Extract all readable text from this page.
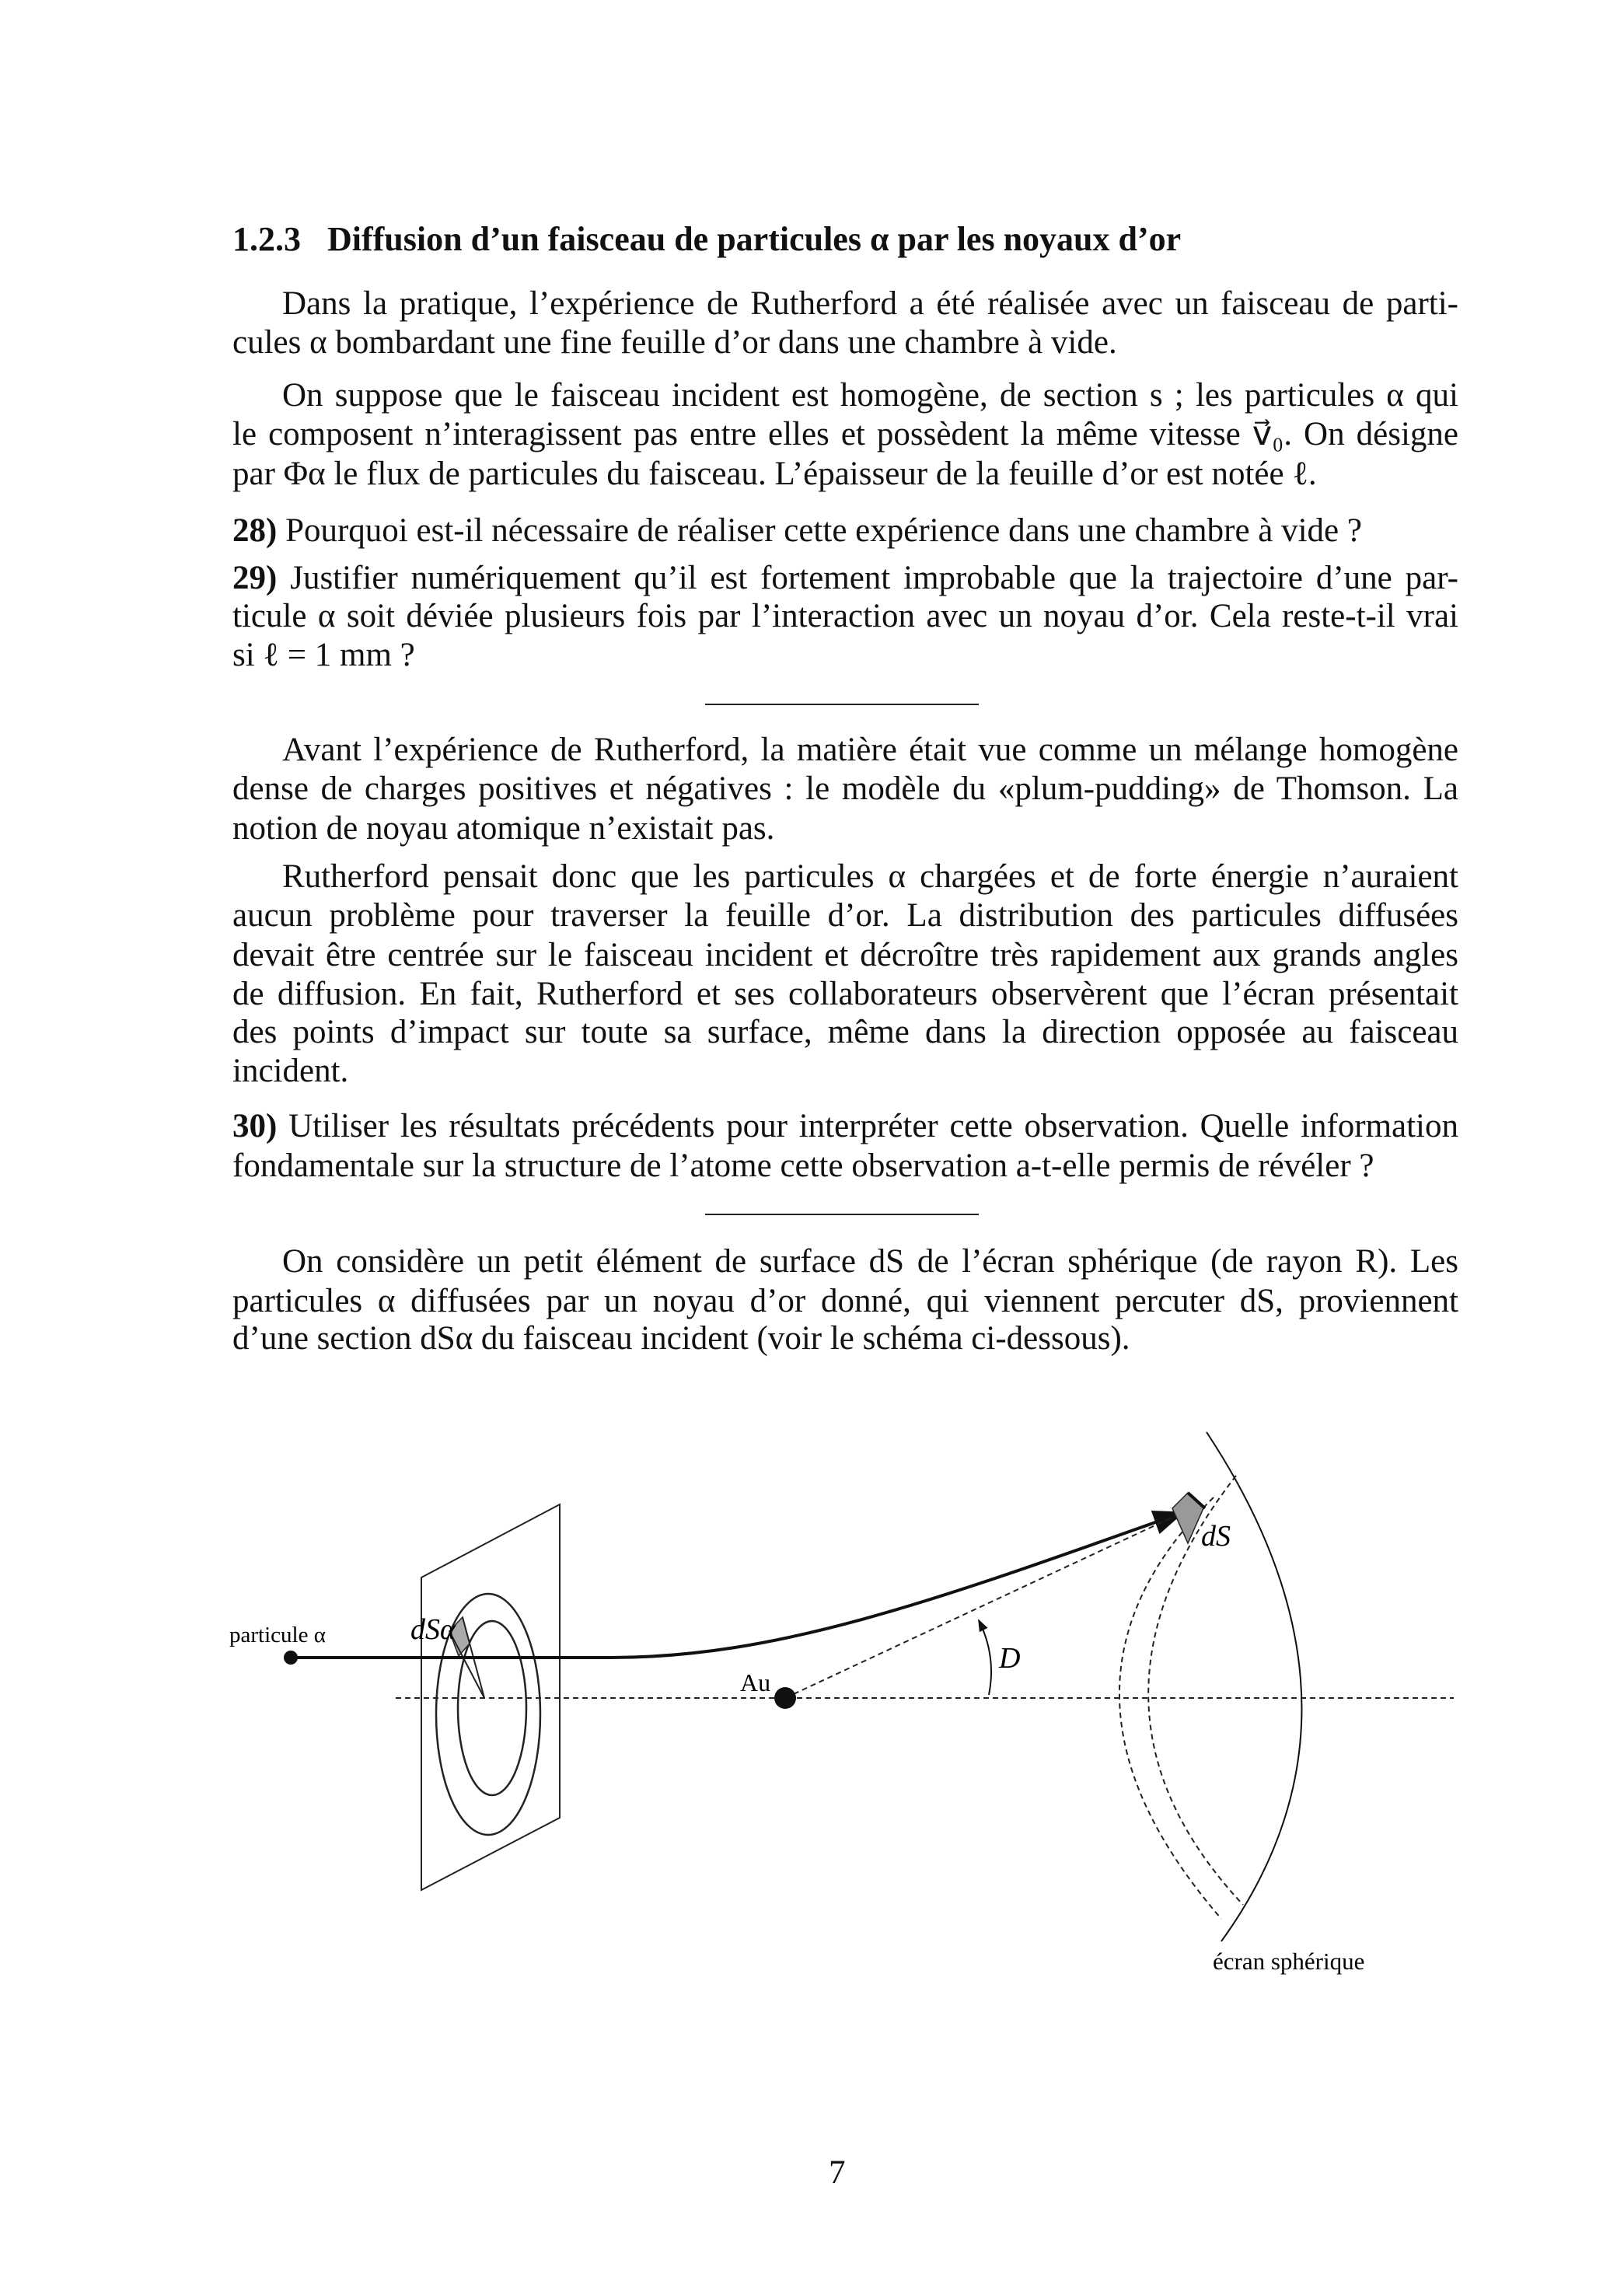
1.2.3 Diffusion d’un faisceau de particules α par les noyaux d’or
Dans la pratique, l’expérience de Rutherford a été réalisée avec un faisceau de parti-
cules α bombardant une fine feuille d’or dans une chambre à vide.
On suppose que le faisceau incident est homogène, de section s ; les particules α qui
le composent n’interagissent pas entre elles et possèdent la même vitesse v⃗₀. On désigne
par Φα le flux de particules du faisceau. L’épaisseur de la feuille d’or est notée ℓ.
28) Pourquoi est-il nécessaire de réaliser cette expérience dans une chambre à vide ?
29) Justifier numériquement qu’il est fortement improbable que la trajectoire d’une par-
ticule α soit déviée plusieurs fois par l’interaction avec un noyau d’or. Cela reste-t-il vrai
si ℓ = 1 mm ?
Avant l’expérience de Rutherford, la matière était vue comme un mélange homogène
dense de charges positives et négatives : le modèle du «plum-pudding» de Thomson. La
notion de noyau atomique n’existait pas.
Rutherford pensait donc que les particules α chargées et de forte énergie n’auraient
aucun problème pour traverser la feuille d’or. La distribution des particules diffusées
devait être centrée sur le faisceau incident et décroître très rapidement aux grands angles
de diffusion. En fait, Rutherford et ses collaborateurs observèrent que l’écran présentait
des points d’impact sur toute sa surface, même dans la direction opposée au faisceau
incident.
30) Utiliser les résultats précédents pour interpréter cette observation. Quelle information
fondamentale sur la structure de l’atome cette observation a-t-elle permis de révéler ?
On considère un petit élément de surface dS de l’écran sphérique (de rayon R). Les
particules α diffusées par un noyau d’or donné, qui viennent percuter dS, proviennent
d’une section dSα du faisceau incident (voir le schéma ci-dessous).
particule α	dSα
Au
D
dS
écran sphérique
7
